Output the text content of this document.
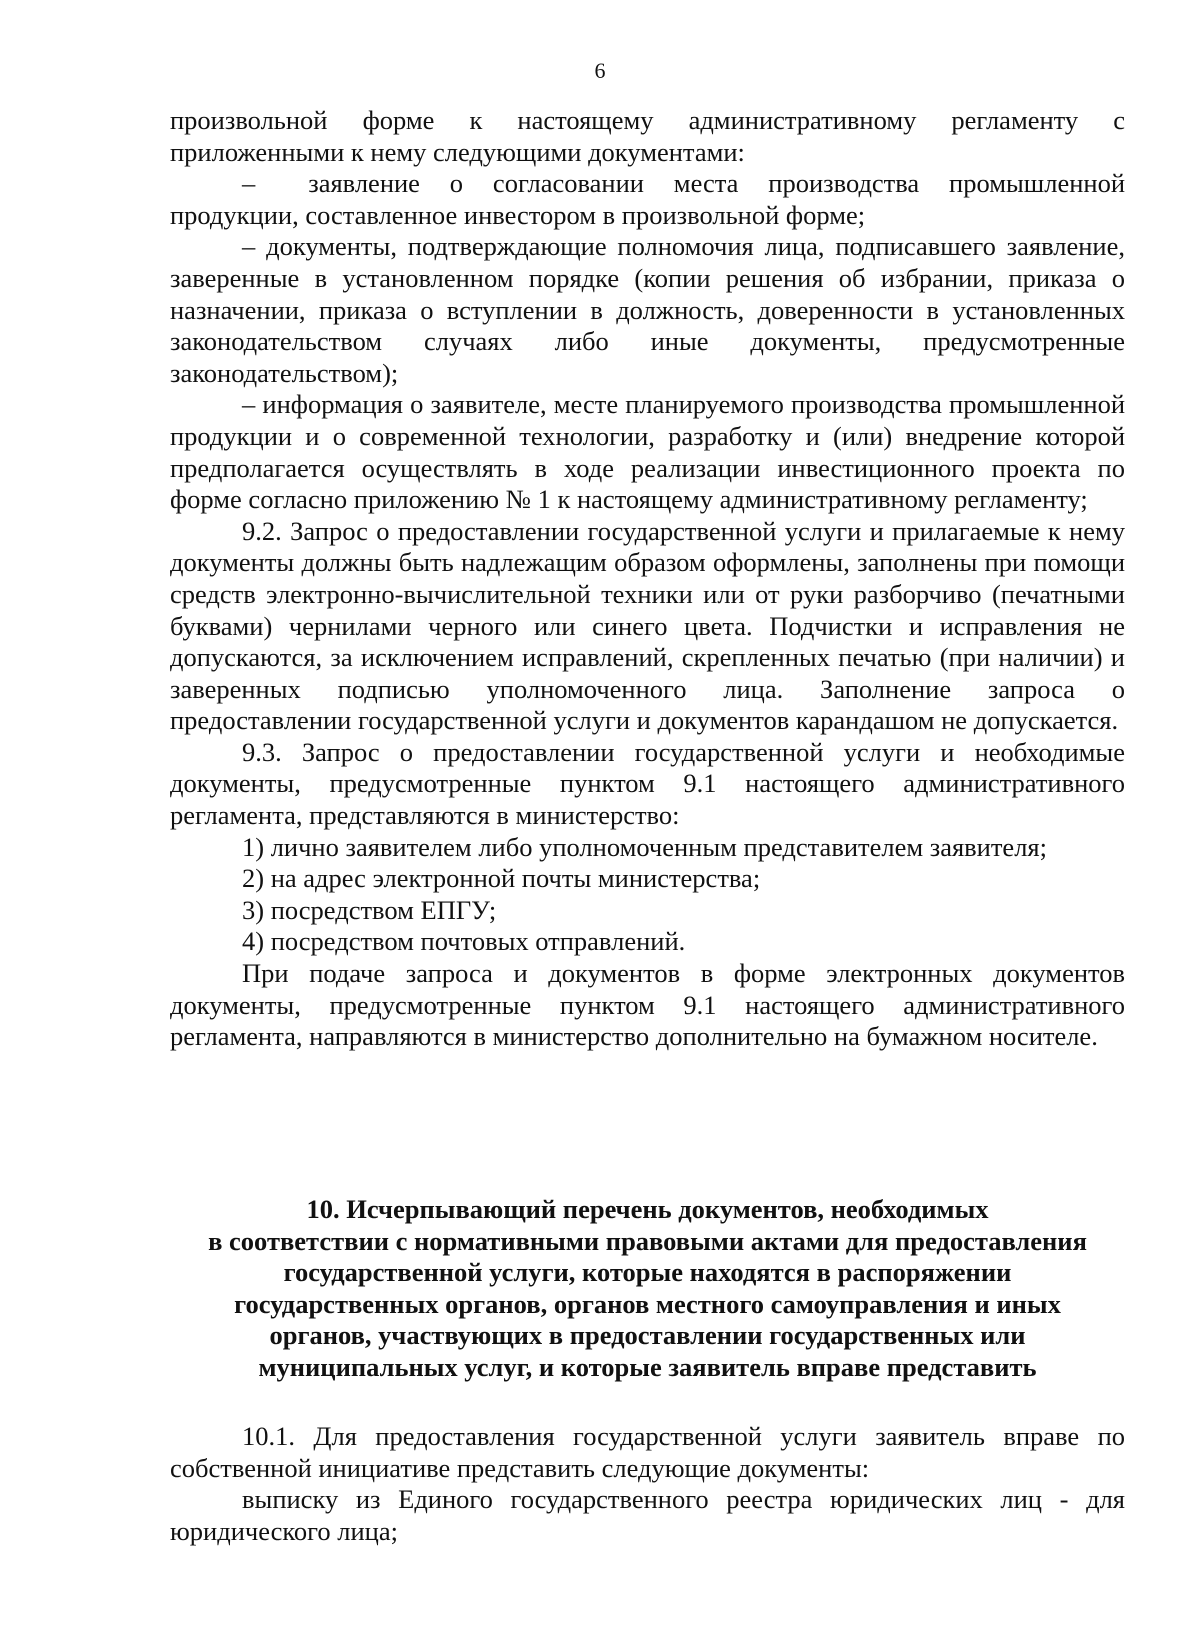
6

произвольной форме к настоящему административному регламенту с приложенными к нему следующими документами:

–  заявление о согласовании места производства промышленной продукции, составленное инвестором в произвольной форме;

– документы, подтверждающие полномочия лица, подписавшего заявление, заверенные в установленном порядке (копии решения об избрании, приказа о назначении, приказа о вступлении в должность, доверенности в установленных законодательством случаях либо иные документы, предусмотренные законодательством);

– информация о заявителе, месте планируемого производства промышленной продукции и о современной технологии, разработку и (или) внедрение которой предполагается осуществлять в ходе реализации инвестиционного проекта по форме согласно приложению № 1 к настоящему административному регламенту;

9.2. Запрос о предоставлении государственной услуги и прилагаемые к нему документы должны быть надлежащим образом оформлены, заполнены при помощи средств электронно-вычислительной техники или от руки разборчиво (печатными буквами) чернилами черного или синего цвета. Подчистки и исправления не допускаются, за исключением исправлений, скрепленных печатью (при наличии) и заверенных подписью уполномоченного лица. Заполнение запроса о предоставлении государственной услуги и документов карандашом не допускается.

9.3. Запрос о предоставлении государственной услуги и необходимые документы, предусмотренные пунктом 9.1 настоящего административного регламента, представляются в министерство:

1) лично заявителем либо уполномоченным представителем заявителя;

2) на адрес электронной почты министерства;

3) посредством ЕПГУ;

4) посредством почтовых отправлений.

При подаче запроса и документов в форме электронных документов документы, предусмотренные пунктом 9.1 настоящего административного регламента, направляются в министерство дополнительно на бумажном носителе.

10. Исчерпывающий перечень документов, необходимых
в соответствии с нормативными правовыми актами для предоставления
государственной услуги, которые находятся в распоряжении
государственных органов, органов местного самоуправления и иных
органов, участвующих в предоставлении государственных или
муниципальных услуг, и которые заявитель вправе представить

10.1. Для предоставления государственной услуги заявитель вправе по собственной инициативе представить следующие документы:

выписку из Единого государственного реестра юридических лиц - для юридического лица;
